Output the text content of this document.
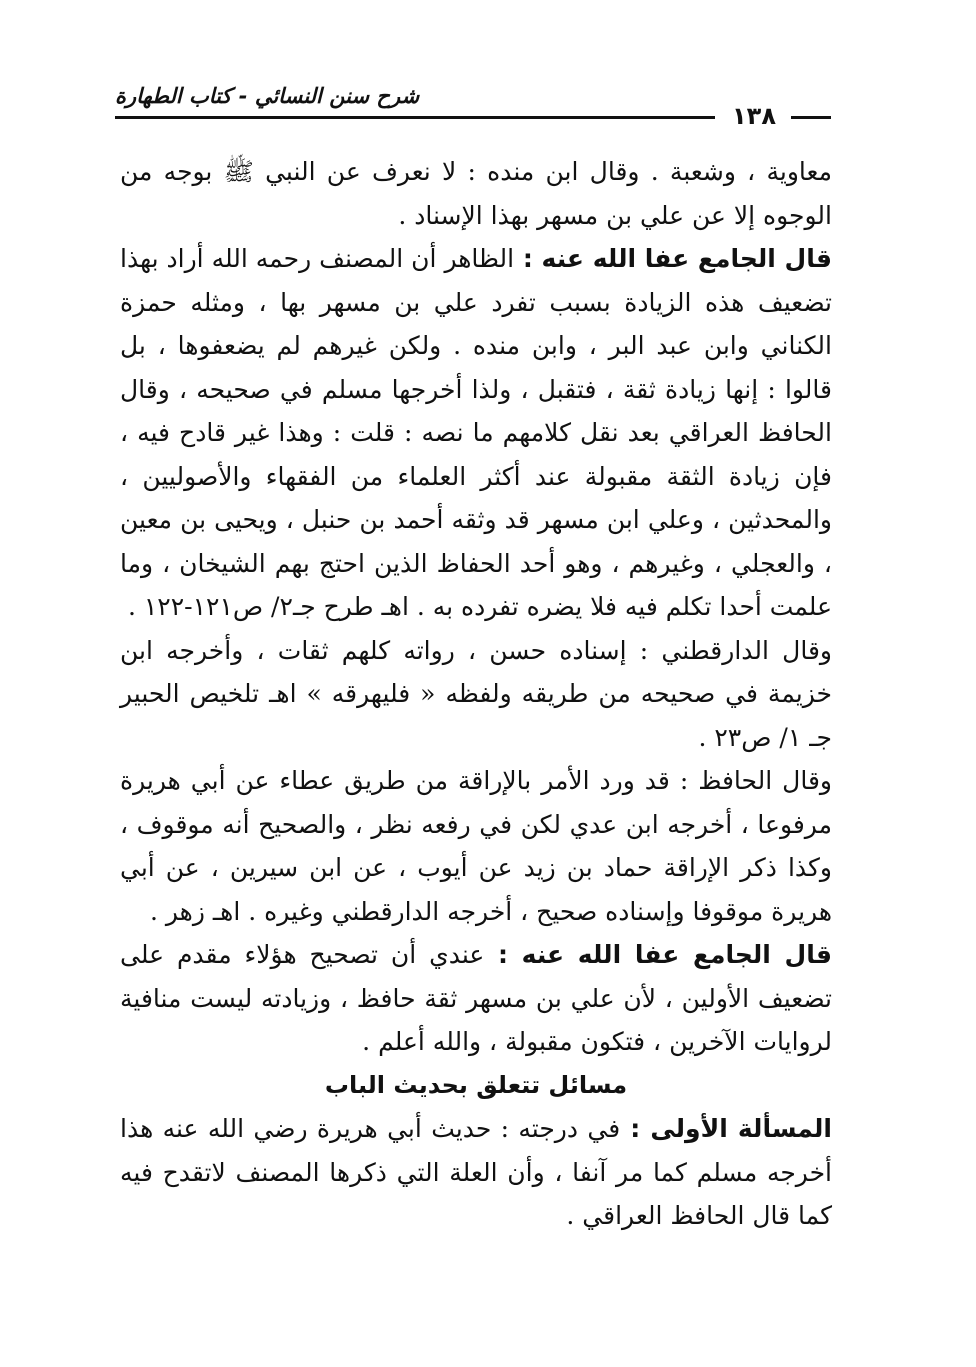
شرح سنن النسائي - كتاب الطهارة
١٣٨

معاوية ، وشعبة . وقال ابن منده : لا نعرف عن النبي ﷺ بوجه من الوجوه إلا عن علي بن مسهر بهذا الإسناد .

قال الجامع عفا الله عنه : الظاهر أن المصنف رحمه الله أراد بهذا تضعيف هذه الزيادة بسبب تفرد علي بن مسهر بها ، ومثله حمزة الكناني وابن عبد البر ، وابن منده . ولكن غيرهم لم يضعفوها ، بل قالوا : إنها زيادة ثقة ، فتقبل ، ولذا أخرجها مسلم في صحيحه ، وقال الحافظ العراقي بعد نقل كلامهم ما نصه : قلت : وهذا غير قادح فيه ، فإن زيادة الثقة مقبولة عند أكثر العلماء من الفقهاء والأصوليين ، والمحدثين ، وعلي ابن مسهر قد وثقه أحمد بن حنبل ، ويحيى بن معين ، والعجلي ، وغيرهم ، وهو أحد الحفاظ الذين احتج بهم الشيخان ، وما علمت أحدا تكلم فيه فلا يضره تفرده به . اهـ طرح جـ٢/ ص١٢١-١٢٢ .

وقال الدارقطني : إسناده حسن ، رواته كلهم ثقات ، وأخرجه ابن خزيمة في صحيحه من طريقه ولفظه « فليهرقه » اهـ تلخيص الحبير جـ ١/ ص٢٣ .

وقال الحافظ : قد ورد الأمر بالإراقة من طريق عطاء عن أبي هريرة مرفوعا ، أخرجه ابن عدي لكن في رفعه نظر ، والصحيح أنه موقوف ، وكذا ذكر الإراقة حماد بن زيد عن أيوب ، عن ابن سيرين ، عن أبي هريرة موقوفا وإسناده صحيح ، أخرجه الدارقطني وغيره . اهـ زهر .

قال الجامع عفا الله عنه : عندي أن تصحيح هؤلاء مقدم على تضعيف الأولين ، لأن علي بن مسهر ثقة حافظ ، وزيادته ليست منافية لروايات الآخرين ، فتكون مقبولة ، والله أعلم .

مسائل تتعلق بحديث الباب

المسألة الأولى : في درجته : حديث أبي هريرة رضي الله عنه هذا أخرجه مسلم كما مر آنفا ، وأن العلة التي ذكرها المصنف لاتقدح فيه كما قال الحافظ العراقي .
